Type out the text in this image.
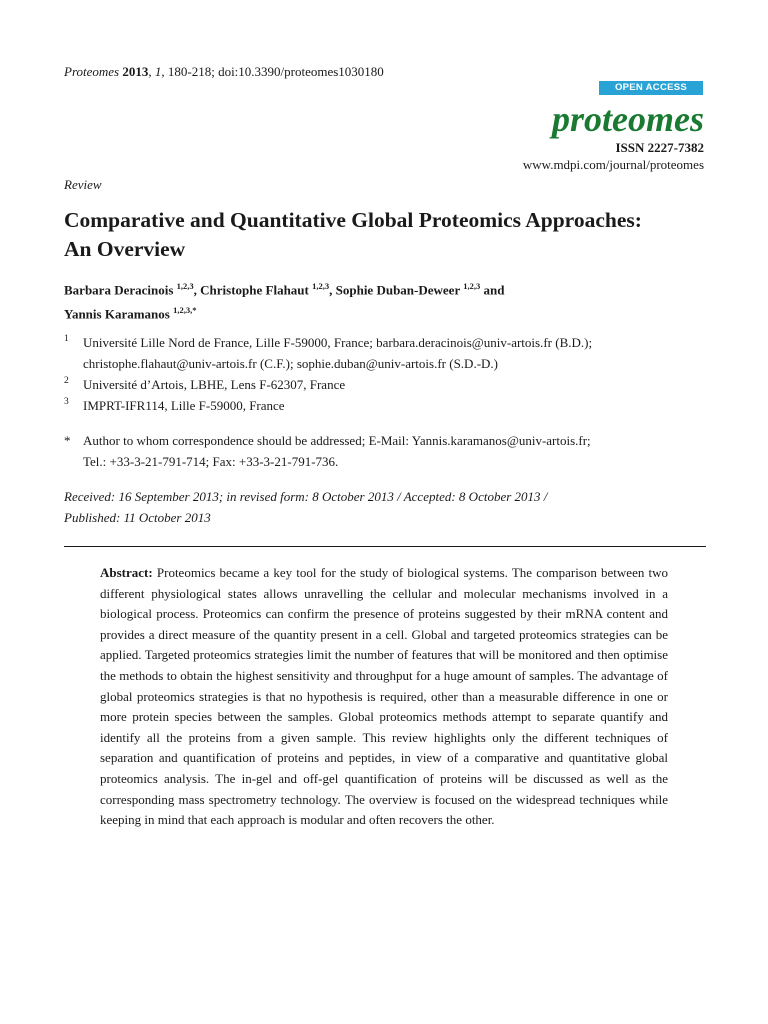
Proteomes 2013, 1, 180-218; doi:10.3390/proteomes1030180
OPEN ACCESS
proteomes
ISSN 2227-7382
www.mdpi.com/journal/proteomes
Review
Comparative and Quantitative Global Proteomics Approaches:
An Overview
Barbara Deracinois $^{1,2,3}$, Christophe Flahaut $^{1,2,3}$, Sophie Duban-Deweer $^{1,2,3}$ and
Yannis Karamanos $^{1,2,3,*}$
1 Université Lille Nord de France, Lille F-59000, France; barbara.deracinois@univ-artois.fr (B.D.);
christophe.flahaut@univ-artois.fr (C.F.); sophie.duban@univ-artois.fr (S.D.-D.)
2 Université d’Artois, LBHE, Lens F-62307, France
3 IMPRT-IFR114, Lille F-59000, France
* Author to whom correspondence should be addressed; E-Mail: Yannis.karamanos@univ-artois.fr;
Tel.: +33-3-21-791-714; Fax: +33-3-21-791-736.
Received: 16 September 2013; in revised form: 8 October 2013 / Accepted: 8 October 2013 /
Published: 11 October 2013

Abstract: Proteomics became a key tool for the study of biological systems. The comparison between two different physiological states allows unravelling the cellular and molecular mechanisms involved in a biological process. Proteomics can confirm the presence of proteins suggested by their mRNA content and provides a direct measure of the quantity present in a cell. Global and targeted proteomics strategies can be applied. Targeted proteomics strategies limit the number of features that will be monitored and then optimise the methods to obtain the highest sensitivity and throughput for a huge amount of samples. The advantage of global proteomics strategies is that no hypothesis is required, other than a measurable difference in one or more protein species between the samples. Global proteomics methods attempt to separate quantify and identify all the proteins from a given sample. This review highlights only the different techniques of separation and quantification of proteins and peptides, in view of a comparative and quantitative global proteomics analysis. The in-gel and off-gel quantification of proteins will be discussed as well as the corresponding mass spectrometry technology. The overview is focused on the widespread techniques while keeping in mind that each approach is modular and often recovers the other.
